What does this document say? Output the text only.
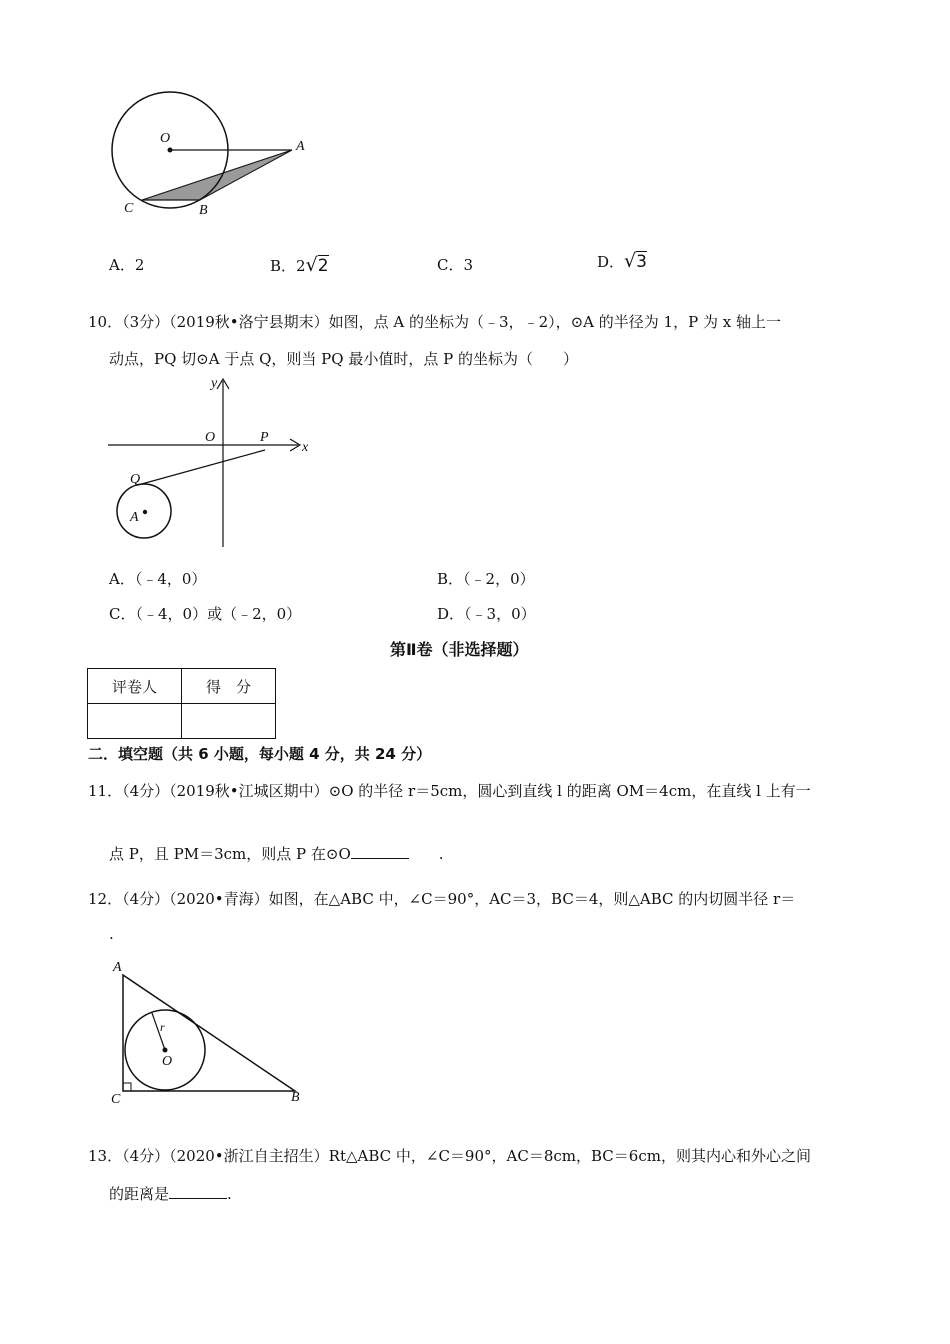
O
A
C	B
A．2	B．2√2	C．3	D．√3
10．（3分）（2019秋•洛宁县期末）如图，点 A 的坐标为（﹣3，﹣2），⊙A 的半径为 1，P 为 x 轴上一
动点，PQ 切⊙A 于点 Q，则当 PQ 最小值时，点 P 的坐标为（　　）
y
x
O	P
Q
A
A．（﹣4，0）	B．（﹣2，0）
C．（﹣4，0）或（﹣2，0）	D．（﹣3，0）
第Ⅱ卷（非选择题）
评卷人	得　分

二．填空题（共 6 小题，每小题 4 分，共 24 分）
11．（4分）（2019秋•江城区期中）⊙O 的半径 r＝5cm，圆心到直线 l 的距离 OM＝4cm，在直线 l 上有一
点 P，且 PM＝3cm，则点 P 在⊙O	.
12．（4分）（2020•青海）如图，在△ABC 中，∠C＝90°，AC＝3，BC＝4，则△ABC 的内切圆半径 r＝
.
A
C	B
O
r
13．（4分）（2020•浙江自主招生）Rt△ABC 中，∠C＝90°，AC＝8cm，BC＝6cm，则其内心和外心之间
的距离是	.
